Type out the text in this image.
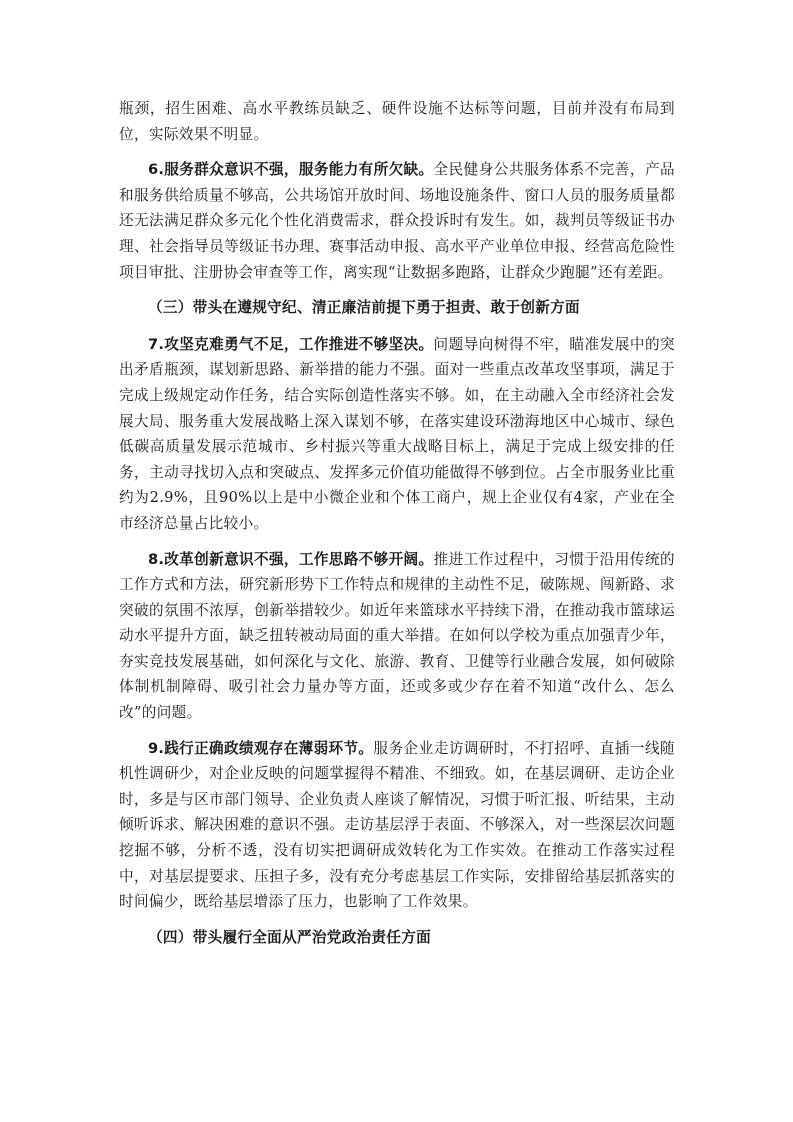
瓶颈，招生困难、高水平教练员缺乏、硬件设施不达标等问题，目前并没有布局到位，实际效果不明显。

6.服务群众意识不强，服务能力有所欠缺。全民健身公共服务体系不完善，产品和服务供给质量不够高，公共场馆开放时间、场地设施条件、窗口人员的服务质量都还无法满足群众多元化个性化消费需求，群众投诉时有发生。如，裁判员等级证书办理、社会指导员等级证书办理、赛事活动申报、高水平产业单位申报、经营高危险性项目审批、注册协会审查等工作，离实现“让数据多跑路，让群众少跑腿”还有差距。

（三）带头在遵规守纪、清正廉洁前提下勇于担责、敢于创新方面

7.攻坚克难勇气不足，工作推进不够坚决。问题导向树得不牢，瞄准发展中的突出矛盾瓶颈，谋划新思路、新举措的能力不强。面对一些重点改革攻坚事项，满足于完成上级规定动作任务，结合实际创造性落实不够。如，在主动融入全市经济社会发展大局、服务重大发展战略上深入谋划不够，在落实建设环渤海地区中心城市、绿色低碳高质量发展示范城市、乡村振兴等重大战略目标上，满足于完成上级安排的任务，主动寻找切入点和突破点、发挥多元价值功能做得不够到位。占全市服务业比重约为2.9%，且90%以上是中小微企业和个体工商户，规上企业仅有4家，产业在全市经济总量占比较小。

8.改革创新意识不强，工作思路不够开阔。推进工作过程中，习惯于沿用传统的工作方式和方法，研究新形势下工作特点和规律的主动性不足，破陈规、闯新路、求突破的氛围不浓厚，创新举措较少。如近年来篮球水平持续下滑，在推动我市篮球运动水平提升方面，缺乏扭转被动局面的重大举措。在如何以学校为重点加强青少年，夯实竞技发展基础，如何深化与文化、旅游、教育、卫健等行业融合发展，如何破除体制机制障碍、吸引社会力量办等方面，还或多或少存在着不知道“改什么、怎么改”的问题。

9.践行正确政绩观存在薄弱环节。服务企业走访调研时，不打招呼、直插一线随机性调研少，对企业反映的问题掌握得不精准、不细致。如，在基层调研、走访企业时，多是与区市部门领导、企业负责人座谈了解情况，习惯于听汇报、听结果，主动倾听诉求、解决困难的意识不强。走访基层浮于表面、不够深入，对一些深层次问题挖掘不够，分析不透，没有切实把调研成效转化为工作实效。在推动工作落实过程中，对基层提要求、压担子多，没有充分考虑基层工作实际，安排留给基层抓落实的时间偏少，既给基层增添了压力，也影响了工作效果。

（四）带头履行全面从严治党政治责任方面
